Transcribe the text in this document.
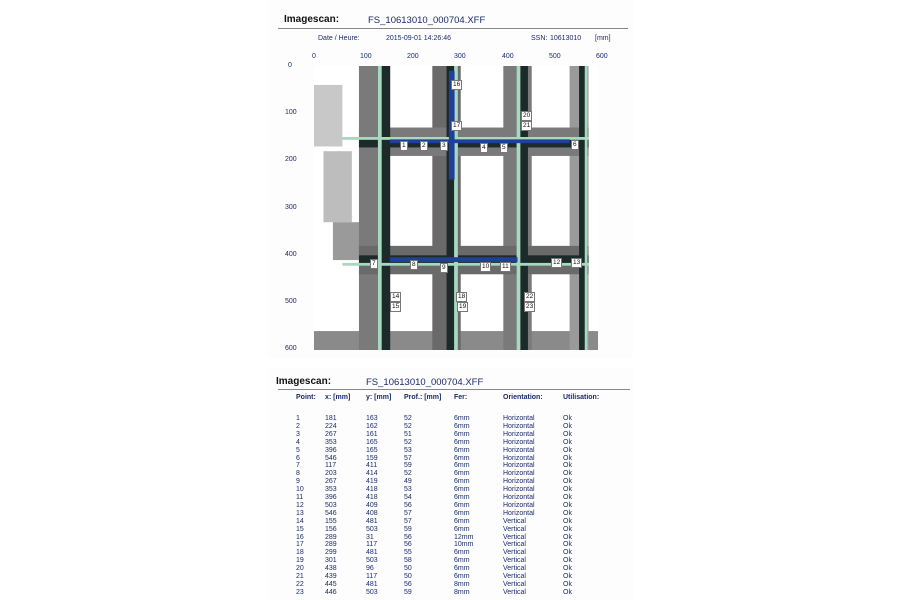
Imagescan:	FS_10613010_000704.XFF
Date / Heure:	2015-09-01 14:26:46	SSN: 10613010 [mm]
0	100	200	300	400	500	600
0
100
200
300
400
500
600
1	2	3	4	5	6
7	8	9	10	11
12	13
14
15
16
17
18
19
20
21
22
23
Imagescan:	FS_10613010_000704.XFF
Point: x: [mm] y: [mm] Prof.: [mm] Fer:	Orientation:	Utilisation:
1	181	163	52	6mm	Horizontal	Ok
2	224	162	52	6mm	Horizontal	Ok
3	267	161	51	6mm	Horizontal	Ok
4	353	165	52	6mm	Horizontal	Ok
5	396	165	53	6mm	Horizontal	Ok
6	546	159	57	6mm	Horizontal	Ok
7	117	411	59	6mm	Horizontal	Ok
8	203	414	52	6mm	Horizontal	Ok
9	267	419	49	6mm	Horizontal	Ok
10	353	418	53	6mm	Horizontal	Ok
11	396	418	54	6mm	Horizontal	Ok
12	503	409	56	6mm	Horizontal	Ok
13	546	408	57	6mm	Horizontal	Ok
14	155	481	57	6mm	Vertical	Ok
15	156	503	59	6mm	Vertical	Ok
16	289	31	56	12mm	Vertical	Ok
17	289	117	56	10mm	Vertical	Ok
18	299	481	55	6mm	Vertical	Ok
19	301	503	58	6mm	Vertical	Ok
20	438	96	50	6mm	Vertical	Ok
21	439	117	50	6mm	Vertical	Ok
22	445	481	56	8mm	Vertical	Ok
23	446	503	59	8mm	Vertical	Ok
